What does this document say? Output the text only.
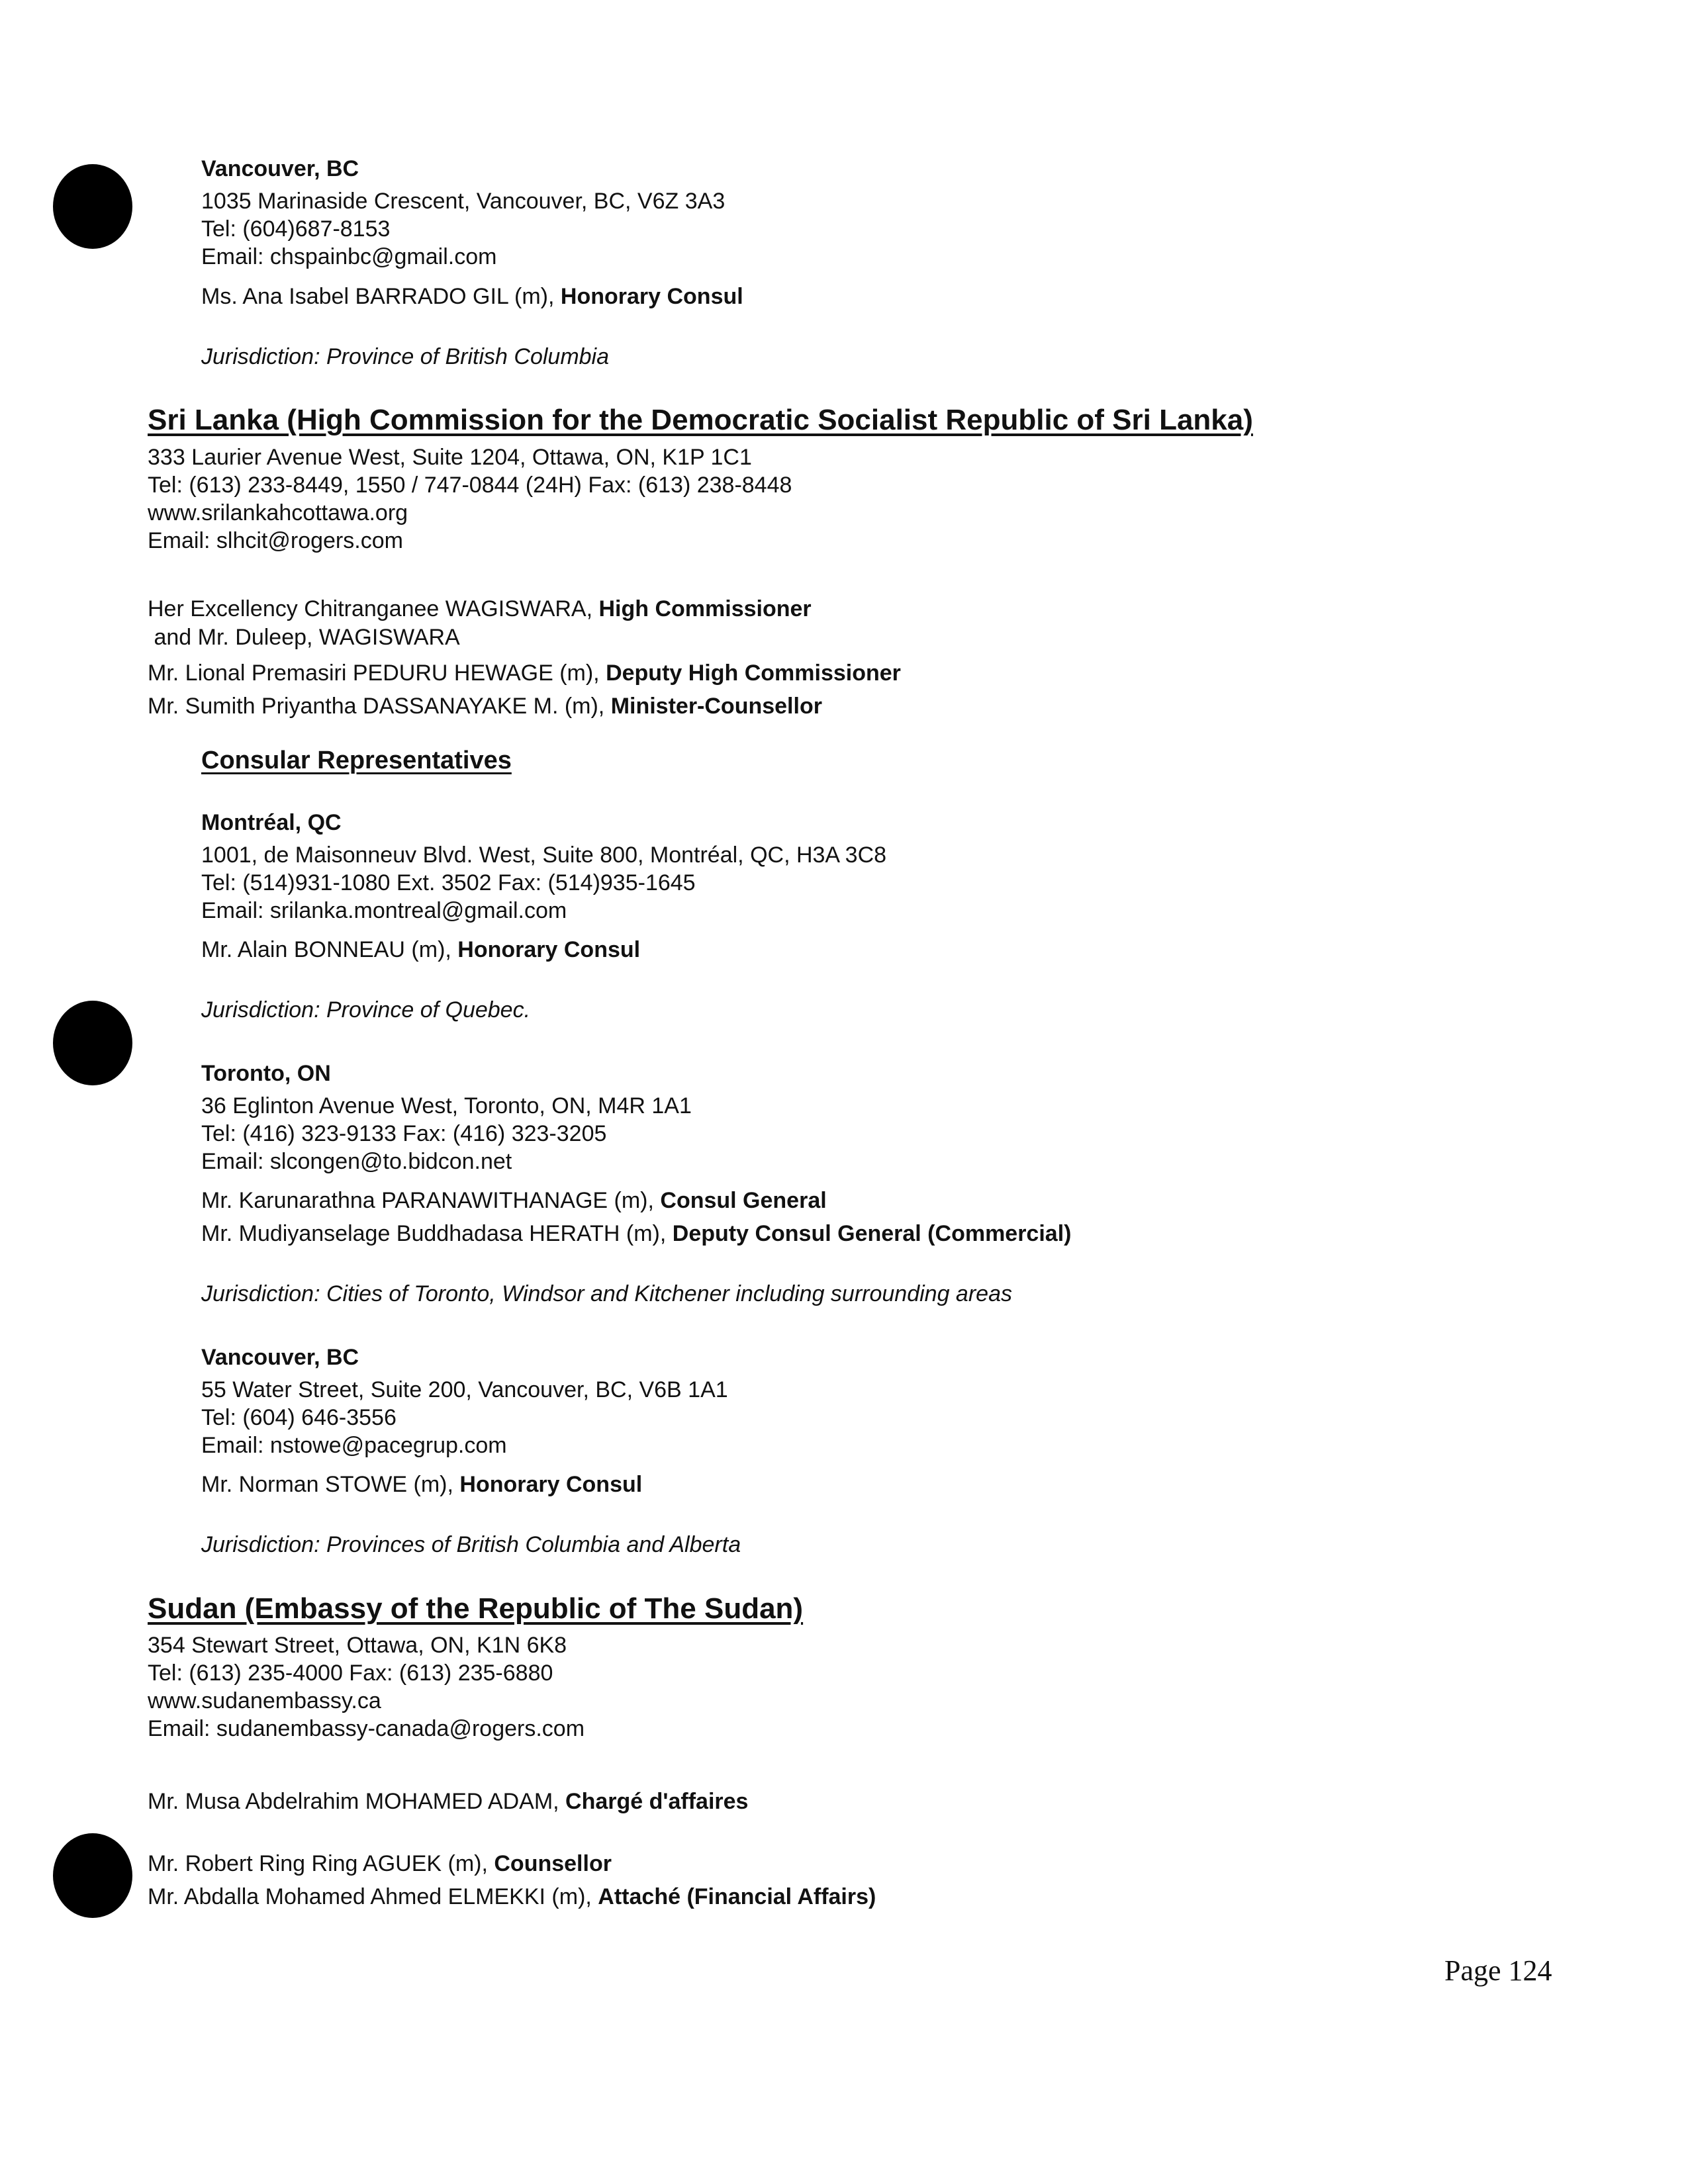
Vancouver, BC
1035 Marinaside Crescent, Vancouver, BC, V6Z 3A3
Tel: (604)687-8153
Email: chspainbc@gmail.com
Ms. Ana Isabel BARRADO GIL (m), Honorary Consul
Jurisdiction: Province of British Columbia
Sri Lanka (High Commission for the Democratic Socialist Republic of Sri Lanka)
333 Laurier Avenue West, Suite 1204, Ottawa, ON, K1P 1C1
Tel: (613) 233-8449, 1550 / 747-0844 (24H) Fax: (613) 238-8448
www.srilankahcottawa.org
Email: slhcit@rogers.com
Her Excellency Chitranganee WAGISWARA, High Commissioner
and Mr. Duleep, WAGISWARA
Mr. Lional Premasiri PEDURU HEWAGE (m), Deputy High Commissioner
Mr. Sumith Priyantha DASSANAYAKE M. (m), Minister-Counsellor
Consular Representatives
Montréal, QC
1001, de Maisonneuv Blvd. West, Suite 800, Montréal, QC, H3A 3C8
Tel: (514)931-1080 Ext. 3502 Fax: (514)935-1645
Email: srilanka.montreal@gmail.com
Mr. Alain BONNEAU (m), Honorary Consul
Jurisdiction: Province of Quebec.
Toronto, ON
36 Eglinton Avenue West, Toronto, ON, M4R 1A1
Tel: (416) 323-9133 Fax: (416) 323-3205
Email: slcongen@to.bidcon.net
Mr. Karunarathna PARANAWITHANAGE (m), Consul General
Mr. Mudiyanselage Buddhadasa HERATH (m), Deputy Consul General (Commercial)
Jurisdiction: Cities of Toronto, Windsor and Kitchener including surrounding areas
Vancouver, BC
55 Water Street, Suite 200, Vancouver, BC, V6B 1A1
Tel: (604) 646-3556
Email: nstowe@pacegrup.com
Mr. Norman STOWE (m), Honorary Consul
Jurisdiction: Provinces of British Columbia and Alberta
Sudan (Embassy of the Republic of The Sudan)
354 Stewart Street, Ottawa, ON, K1N 6K8
Tel: (613) 235-4000 Fax: (613) 235-6880
www.sudanembassy.ca
Email: sudanembassy-canada@rogers.com
Mr. Musa Abdelrahim MOHAMED ADAM, Chargé d'affaires
Mr. Robert Ring Ring AGUEK (m), Counsellor
Mr. Abdalla Mohamed Ahmed ELMEKKI (m), Attaché (Financial Affairs)
Page 124
